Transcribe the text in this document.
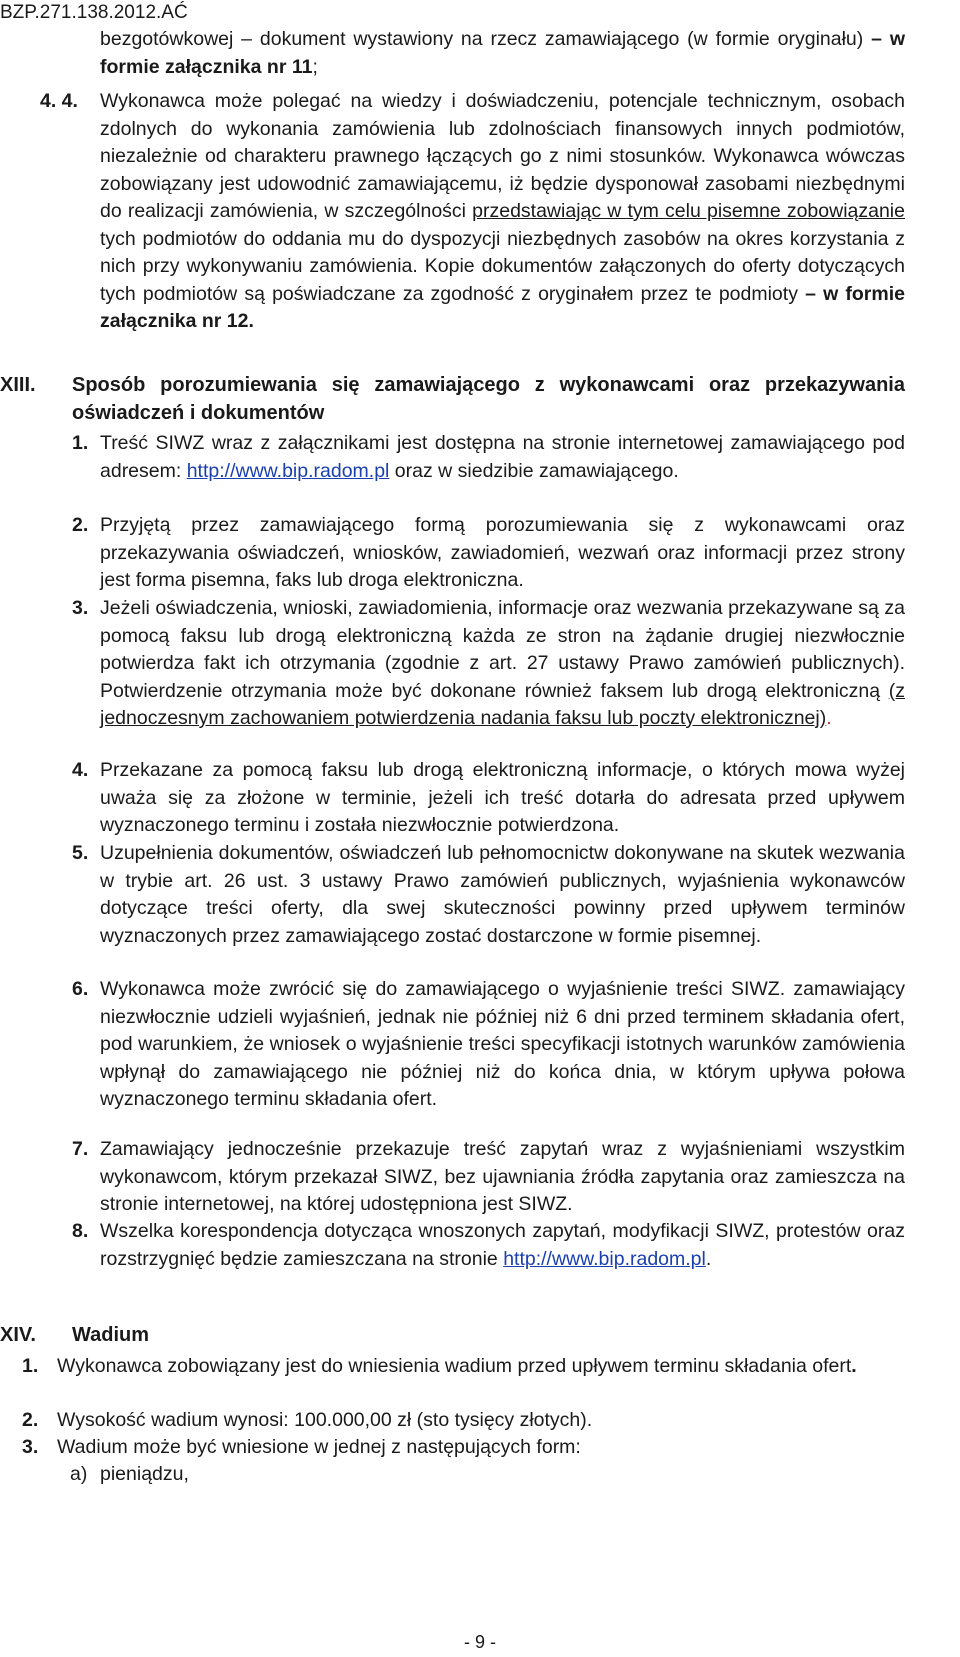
BZP.271.138.2012.AĆ

bezgotówkowej – dokument wystawiony na rzecz zamawiającego (w formie oryginału) – w formie załącznika nr 11;

4. 4. Wykonawca może polegać na wiedzy i doświadczeniu, potencjale technicznym, osobach zdolnych do wykonania zamówienia lub zdolnościach finansowych innych podmiotów, niezależnie od charakteru prawnego łączących go z nimi stosunków. Wykonawca wówczas zobowiązany jest udowodnić zamawiającemu, iż będzie dysponował zasobami niezbędnymi do realizacji zamówienia, w szczególności przedstawiając w tym celu pisemne zobowiązanie tych podmiotów do oddania mu do dyspozycji niezbędnych zasobów na okres korzystania z nich przy wykonywaniu zamówienia. Kopie dokumentów załączonych do oferty dotyczących tych podmiotów są poświadczane za zgodność z oryginałem przez te podmioty – w formie załącznika nr 12.

XIII. Sposób porozumiewania się zamawiającego z wykonawcami oraz przekazywania oświadczeń i dokumentów
1. Treść SIWZ wraz z załącznikami jest dostępna na stronie internetowej zamawiającego pod adresem: http://www.bip.radom.pl oraz w siedzibie zamawiającego.

2. Przyjętą przez zamawiającego formą porozumiewania się z wykonawcami oraz przekazywania oświadczeń, wniosków, zawiadomień, wezwań oraz informacji przez strony jest forma pisemna, faks lub droga elektroniczna.

3. Jeżeli oświadczenia, wnioski, zawiadomienia, informacje oraz wezwania przekazywane są za pomocą faksu lub drogą elektroniczną każda ze stron na żądanie drugiej niezwłocznie potwierdza fakt ich otrzymania (zgodnie z art. 27 ustawy Prawo zamówień publicznych). Potwierdzenie otrzymania może być dokonane również faksem lub drogą elektroniczną (z jednoczesnym zachowaniem potwierdzenia nadania faksu lub poczty elektronicznej).

4. Przekazane za pomocą faksu lub drogą elektroniczną informacje, o których mowa wyżej uważa się za złożone w terminie, jeżeli ich treść dotarła do adresata przed upływem wyznaczonego terminu i została niezwłocznie potwierdzona.

5. Uzupełnienia dokumentów, oświadczeń lub pełnomocnictw dokonywane na skutek wezwania w trybie art. 26 ust. 3 ustawy Prawo zamówień publicznych, wyjaśnienia wykonawców dotyczące treści oferty, dla swej skuteczności powinny przed upływem terminów wyznaczonych przez zamawiającego zostać dostarczone w formie pisemnej.

6. Wykonawca może zwrócić się do zamawiającego o wyjaśnienie treści SIWZ. zamawiający niezwłocznie udzieli wyjaśnień, jednak nie później niż 6 dni przed terminem składania ofert, pod warunkiem, że wniosek o wyjaśnienie treści specyfikacji istotnych warunków zamówienia wpłynął do zamawiającego nie później niż do końca dnia, w którym upływa połowa wyznaczonego terminu składania ofert.

7. Zamawiający jednocześnie przekazuje treść zapytań wraz z wyjaśnieniami wszystkim wykonawcom, którym przekazał SIWZ, bez ujawniania źródła zapytania oraz zamieszcza na stronie internetowej, na której udostępniona jest SIWZ.

8. Wszelka korespondencja dotycząca wnoszonych zapytań, modyfikacji SIWZ, protestów oraz rozstrzygnięć będzie zamieszczana na stronie http://www.bip.radom.pl.

XIV. Wadium
1. Wykonawca zobowiązany jest do wniesienia wadium przed upływem terminu składania ofert.

2. Wysokość wadium wynosi: 100.000,00 zł (sto tysięcy złotych).

3. Wadium może być wniesione w jednej z następujących form:

a) pieniądzu,

- 9 -
